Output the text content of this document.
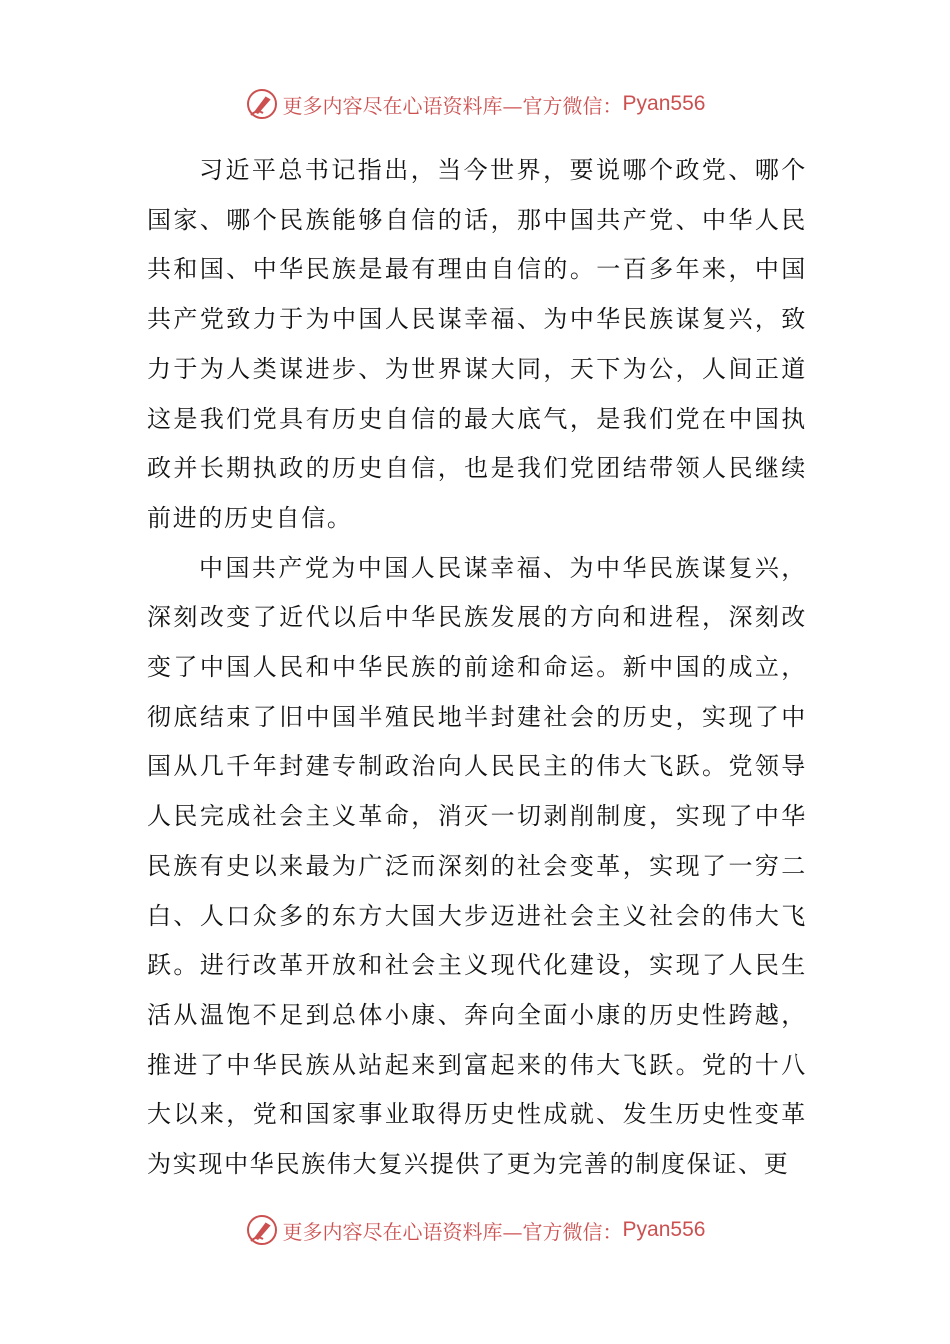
更多内容尽在心语资料库—官方微信： Pyan556

习近平总书记指出，当今世界，要说哪个政党、哪个国家、哪个民族能够自信的话，那中国共产党、中华人民共和国、中华民族是最有理由自信的。一百多年来，中国共产党致力于为中国人民谋幸福、为中华民族谋复兴，致力于为人类谋进步、为世界谋大同，天下为公，人间正道这是我们党具有历史自信的最大底气，是我们党在中国执政并长期执政的历史自信，也是我们党团结带领人民继续前进的历史自信。

中国共产党为中国人民谋幸福、为中华民族谋复兴，深刻改变了近代以后中华民族发展的方向和进程，深刻改变了中国人民和中华民族的前途和命运。新中国的成立，彻底结束了旧中国半殖民地半封建社会的历史，实现了中国从几千年封建专制政治向人民民主的伟大飞跃。党领导人民完成社会主义革命，消灭一切剥削制度，实现了中华民族有史以来最为广泛而深刻的社会变革，实现了一穷二白、人口众多的东方大国大步迈进社会主义社会的伟大飞跃。进行改革开放和社会主义现代化建设，实现了人民生活从温饱不足到总体小康、奔向全面小康的历史性跨越，推进了中华民族从站起来到富起来的伟大飞跃。党的十八大以来，党和国家事业取得历史性成就、发生历史性变革为实现中华民族伟大复兴提供了更为完善的制度保证、更

更多内容尽在心语资料库—官方微信： Pyan556
